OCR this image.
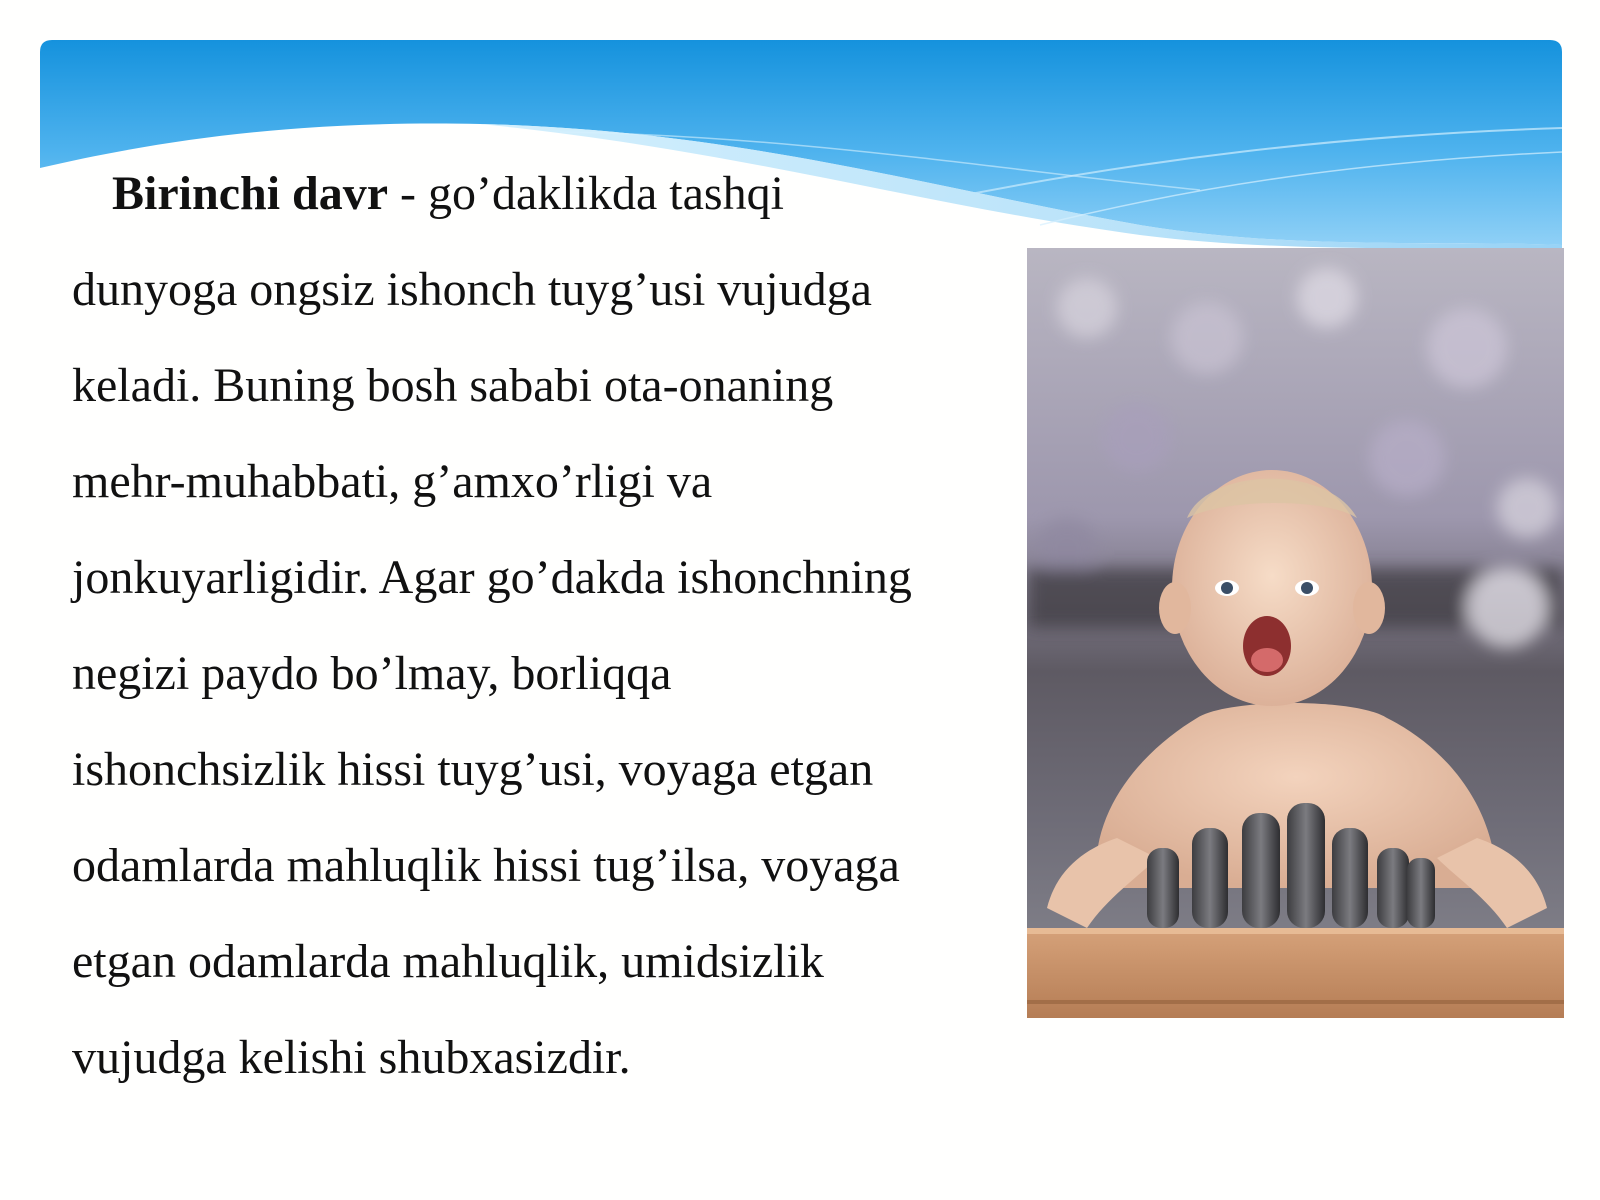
Birinchi davr - go’daklikda tashqi
dunyoga ongsiz ishonch tuyg’usi vujudga
keladi. Buning bosh sababi ota-onaning
mehr-muhabbati, g’amxo’rligi va
jonkuyarligidir. Agar go’dakda ishonchning
negizi paydo bo’lmay, borliqqa
ishonchsizlik hissi tuyg’usi, voyaga etgan
odamlarda mahluqlik hissi tug’ilsa, voyaga
etgan odamlarda mahluqlik, umidsizlik
vujudga kelishi shubxasizdir.
